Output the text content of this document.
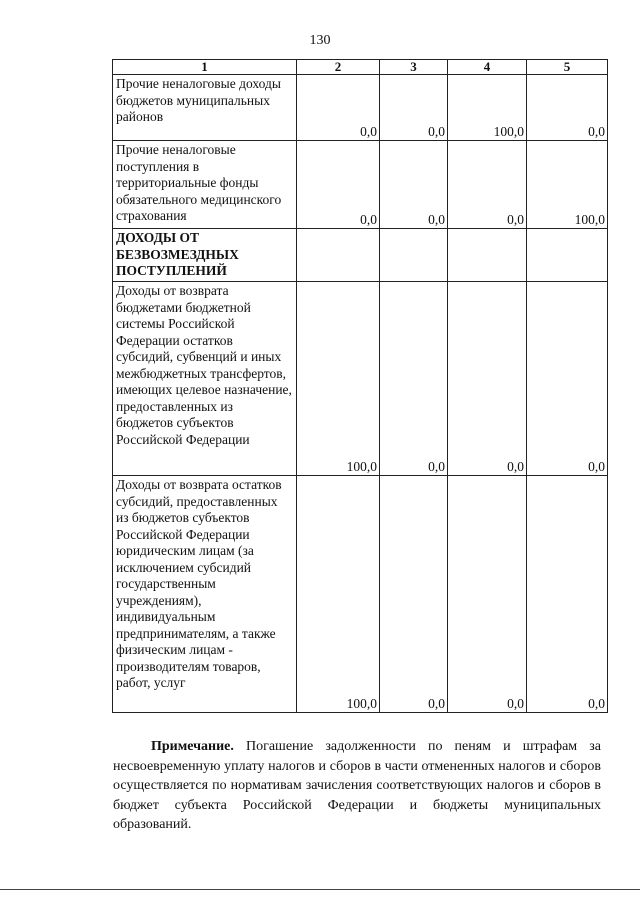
130
1	2	3	4	5
Прочие неналоговые доходы бюджетов муниципальных районов	0,0	0,0	100,0	0,0
Прочие неналоговые поступления в территориальные фонды обязательного медицинского страхования	0,0	0,0	0,0	100,0
ДОХОДЫ ОТ БЕЗВОЗМЕЗДНЫХ ПОСТУПЛЕНИЙ				
Доходы от возврата бюджетами бюджетной системы Российской Федерации остатков субсидий, субвенций и иных межбюджетных трансфертов, имеющих целевое назначение, предоставленных из бюджетов субъектов Российской Федерации	100,0	0,0	0,0	0,0
Доходы от возврата остатков субсидий, предоставленных из бюджетов субъектов Российской Федерации юридическим лицам (за исключением субсидий государственным учреждениям), индивидуальным предпринимателям, а также физическим лицам - производителям товаров, работ, услуг	100,0	0,0	0,0	0,0

Примечание. Погашение задолженности по пеням и штрафам за несвоевременную уплату налогов и сборов в части отмененных налогов и сборов осуществляется по нормативам зачисления соответствующих налогов и сборов в бюджет субъекта Российской Федерации и бюджеты муниципальных образований.
